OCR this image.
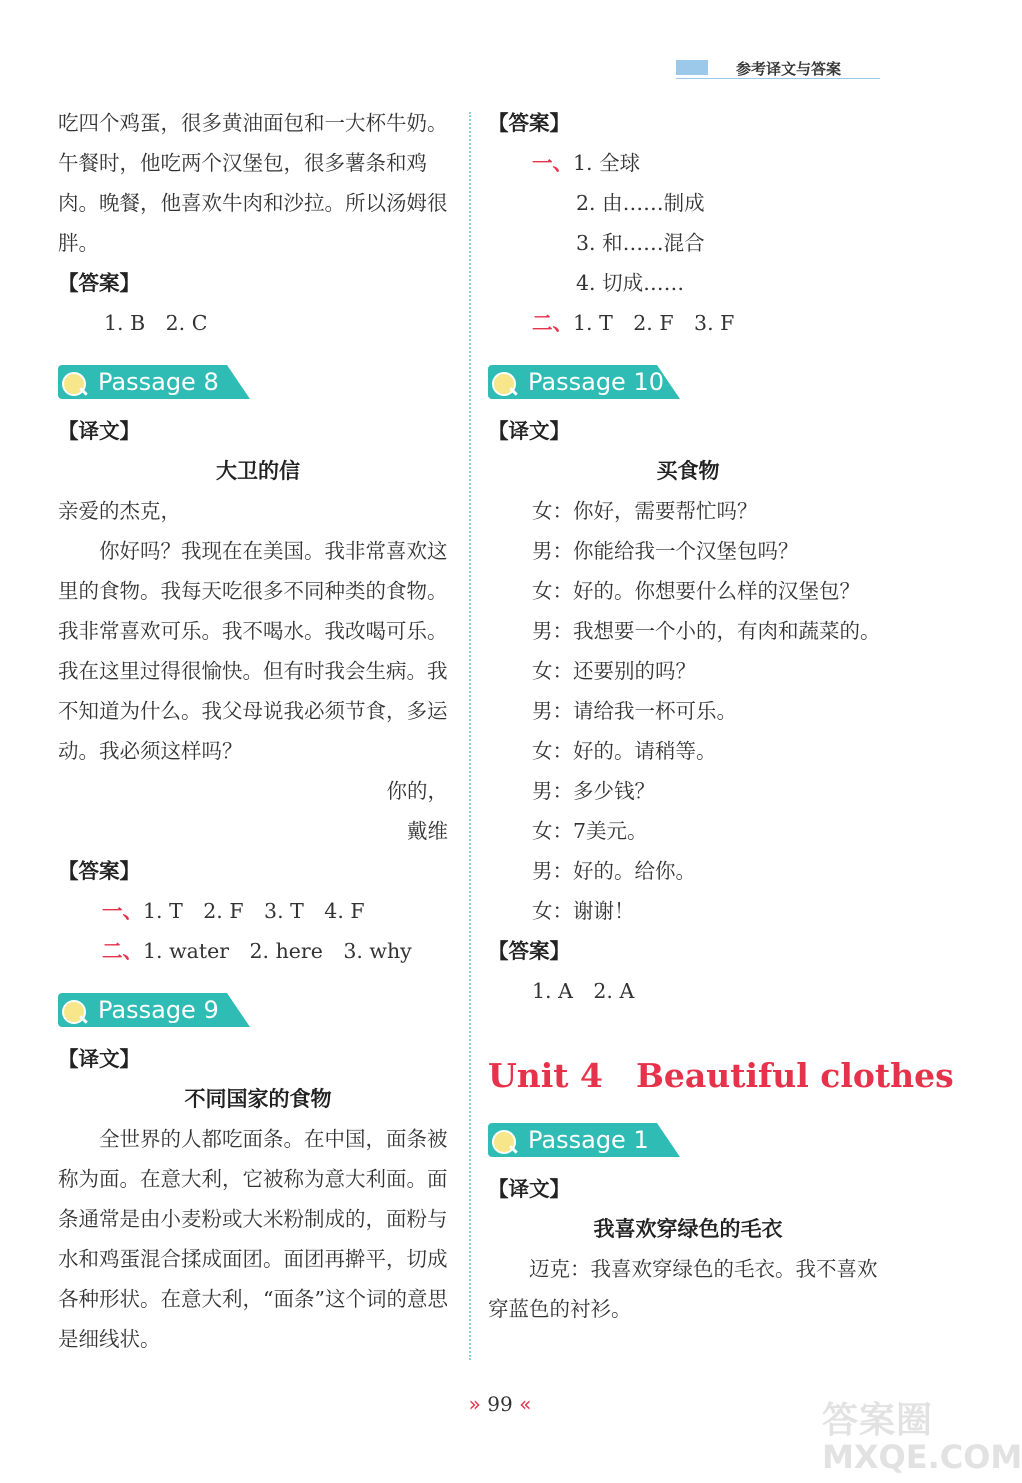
参考译文与答案

吃四个鸡蛋，很多黄油面包和一大杯牛奶。午餐时，他吃两个汉堡包，很多薯条和鸡肉。晚餐，他喜欢牛肉和沙拉。所以汤姆很胖。

【答案】

1. B　2. C

Passage 8

【译文】

大卫的信

亲爱的杰克，

你好吗？我现在在美国。我非常喜欢这里的食物。我每天吃很多不同种类的食物。我非常喜欢可乐。我不喝水。我改喝可乐。我在这里过得很愉快。但有时我会生病。我不知道为什么。我父母说我必须节食，多运动。我必须这样吗？

你的，

戴维

【答案】

一、1. T　2. F　3. T　4. F

二、1. water　2. here　3. why

Passage 9

【译文】

不同国家的食物

全世界的人都吃面条。在中国，面条被称为面。在意大利，它被称为意大利面。面条通常是由小麦粉或大米粉制成的，面粉与水和鸡蛋混合揉成面团。面团再擀平，切成各种形状。在意大利，“面条”这个词的意思是细线状。

【答案】

一、1. 全球

2. 由……制成

3. 和……混合

4. 切成……

二、1. T　2. F　3. F

Passage 10

【译文】

买食物

女：你好，需要帮忙吗？

男：你能给我一个汉堡包吗？

女：好的。你想要什么样的汉堡包？

男：我想要一个小的，有肉和蔬菜的。

女：还要别的吗？

男：请给我一杯可乐。

女：好的。请稍等。

男：多少钱？

女：7美元。

男：好的。给你。

女：谢谢！

【答案】

1. A　2. A

Unit 4　Beautiful clothes

Passage 1

【译文】

我喜欢穿绿色的毛衣

迈克：我喜欢穿绿色的毛衣。我不喜欢穿蓝色的衬衫。

» 99 «	答案圈
MXQE.COM
